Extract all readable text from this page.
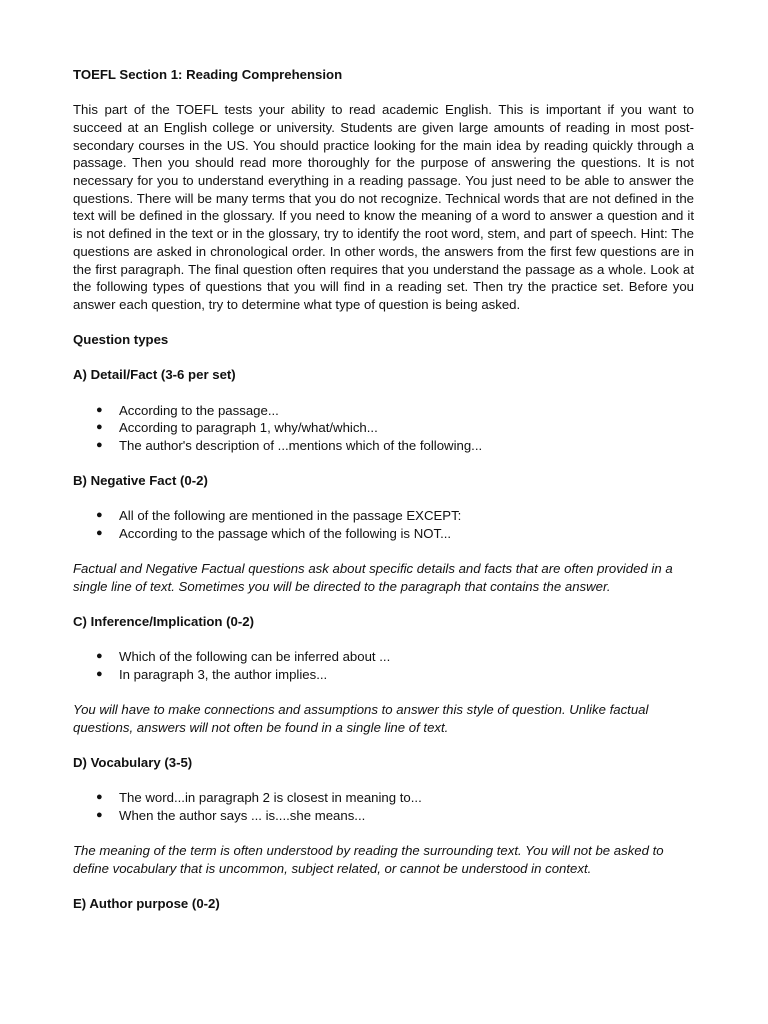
TOEFL Section 1: Reading Comprehension
This part of the TOEFL tests your ability to read academic English. This is important if you want to succeed at an English college or university. Students are given large amounts of reading in most post-secondary courses in the US. You should practice looking for the main idea by reading quickly through a passage. Then you should read more thoroughly for the purpose of answering the questions. It is not necessary for you to understand everything in a reading passage. You just need to be able to answer the questions. There will be many terms that you do not recognize. Technical words that are not defined in the text will be defined in the glossary. If you need to know the meaning of a word to answer a question and it is not defined in the text or in the glossary, try to identify the root word, stem, and part of speech. Hint: The questions are asked in chronological order. In other words, the answers from the first few questions are in the first paragraph. The final question often requires that you understand the passage as a whole. Look at the following types of questions that you will find in a reading set. Then try the practice set. Before you answer each question, try to determine what type of question is being asked.
Question types
A) Detail/Fact (3-6 per set)
● According to the passage...
● According to paragraph 1, why/what/which...
● The author's description of ...mentions which of the following...
B) Negative Fact (0-2)
● All of the following are mentioned in the passage EXCEPT:
● According to the passage which of the following is NOT...
Factual and Negative Factual questions ask about specific details and facts that are often provided in a single line of text. Sometimes you will be directed to the paragraph that contains the answer.
C) Inference/Implication (0-2)
● Which of the following can be inferred about ...
● In paragraph 3, the author implies...
You will have to make connections and assumptions to answer this style of question. Unlike factual questions, answers will not often be found in a single line of text.
D) Vocabulary (3-5)
● The word...in paragraph 2 is closest in meaning to...
● When the author says ... is....she means...
The meaning of the term is often understood by reading the surrounding text. You will not be asked to define vocabulary that is uncommon, subject related, or cannot be understood in context.
E) Author purpose (0-2)
